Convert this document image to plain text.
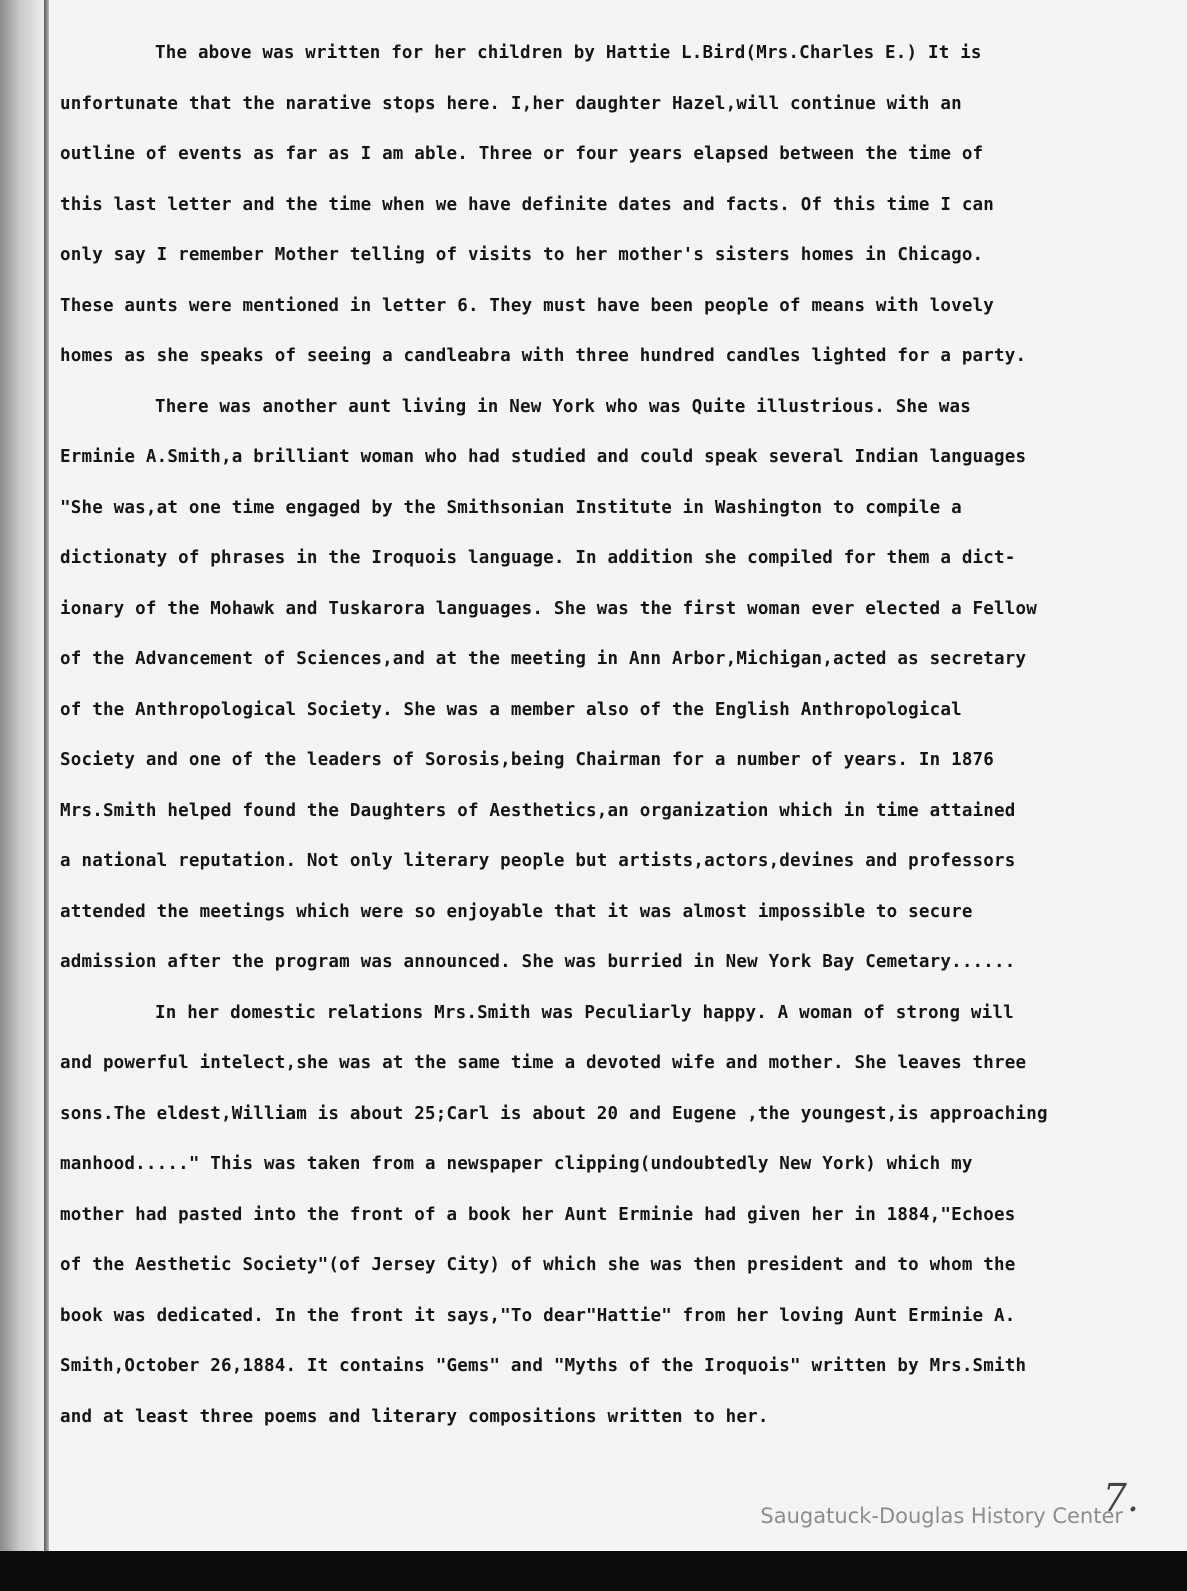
The above was written for her children by Hattie L.Bird(Mrs.Charles E.) It is
unfortunate that the narative stops here. I,her daughter Hazel,will continue with an
outline of events as far as I am able. Three or four years elapsed between the time of
this last letter and the time when we have definite dates and facts. Of this time I can
only say I remember Mother telling of visits to her mother's sisters homes in Chicago.
These aunts were mentioned in letter 6. They must have been people of means with lovely
homes as she speaks of seeing a candleabra with three hundred candles lighted for a party.
There was another aunt living in New York who was Quite illustrious. She was
Erminie A.Smith,a brilliant woman who had studied and could speak several Indian languages
"She was,at one time engaged by the Smithsonian Institute in Washington to compile a
dictionaty of phrases in the Iroquois language. In addition she compiled for them a dict-
ionary of the Mohawk and Tuskarora languages. She was the first woman ever elected a Fellow
of the Advancement of Sciences,and at the meeting in Ann Arbor,Michigan,acted as secretary
of the Anthropological Society. She was a member also of the English Anthropological
Society and one of the leaders of Sorosis,being Chairman for a number of years. In 1876
Mrs.Smith helped found the Daughters of Aesthetics,an organization which in time attained
a national reputation. Not only literary people but artists,actors,devines and professors
attended the meetings which were so enjoyable that it was almost impossible to secure
admission after the program was announced. She was burried in New York Bay Cemetary......
In her domestic relations Mrs.Smith was Peculiarly happy. A woman of strong will
and powerful intelect,she was at the same time a devoted wife and mother. She leaves three
sons.The eldest,William is about 25;Carl is about 20 and Eugene ,the youngest,is approaching
manhood....." This was taken from a newspaper clipping(undoubtedly New York) which my
mother had pasted into the front of a book her Aunt Erminie had given her in 1884,"Echoes
of the Aesthetic Society"(of Jersey City) of which she was then president and to whom the
book was dedicated. In the front it says,"To dear"Hattie" from her loving Aunt Erminie A.
Smith,October 26,1884. It contains "Gems" and "Myths of the Iroquois" written by Mrs.Smith
and at least three poems and literary compositions written to her.
7.
Saugatuck-Douglas History Center
